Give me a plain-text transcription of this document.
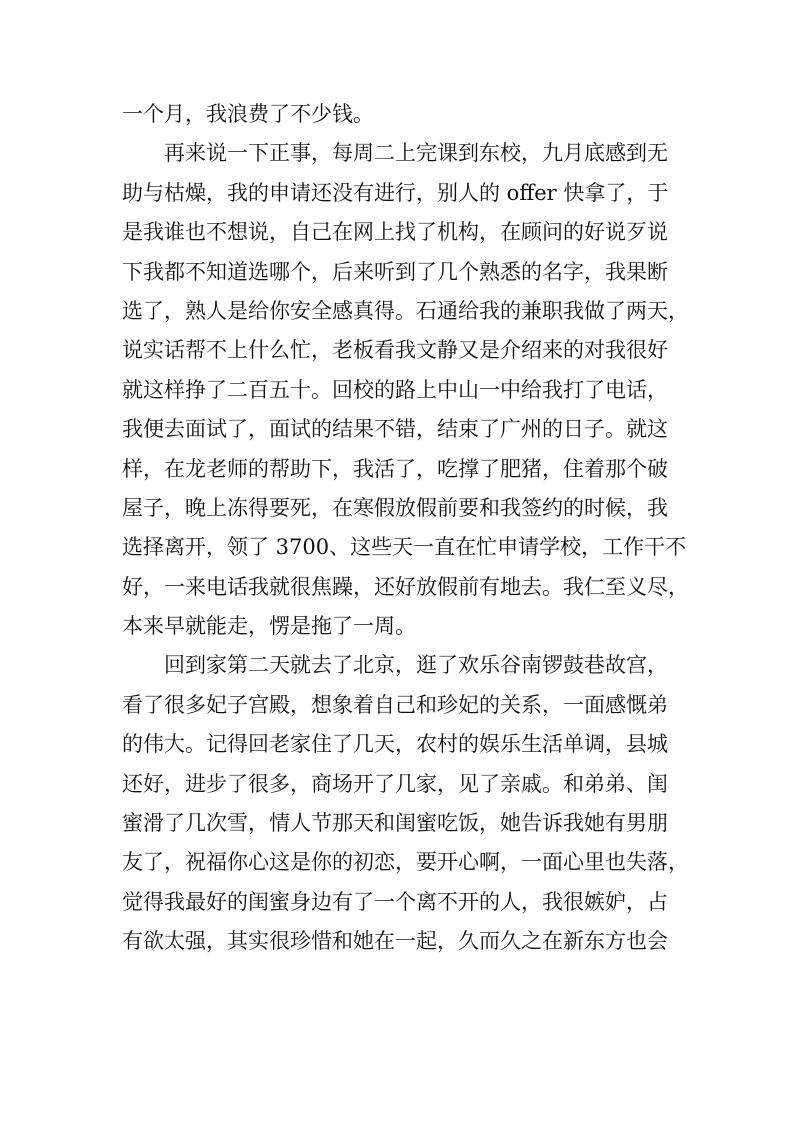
一个月，我浪费了不少钱。
再来说一下正事，每周二上完课到东校，九月底感到无
助与枯燥，我的申请还没有进行，别人的 offer 快拿了，于
是我谁也不想说，自己在网上找了机构，在顾问的好说歹说
下我都不知道选哪个，后来听到了几个熟悉的名字，我果断
选了，熟人是给你安全感真得。石通给我的兼职我做了两天，
说实话帮不上什么忙，老板看我文静又是介绍来的对我很好
就这样挣了二百五十。回校的路上中山一中给我打了电话，
我便去面试了，面试的结果不错，结束了广州的日子。就这
样，在龙老师的帮助下，我活了，吃撑了肥猪，住着那个破
屋子，晚上冻得要死，在寒假放假前要和我签约的时候，我
选择离开，领了 3700、这些天一直在忙申请学校，工作干不
好，一来电话我就很焦躁，还好放假前有地去。我仁至义尽，
本来早就能走，愣是拖了一周。
回到家第二天就去了北京，逛了欢乐谷南锣鼓巷故宫，
看了很多妃子宫殿，想象着自己和珍妃的关系，一面感慨弟
的伟大。记得回老家住了几天，农村的娱乐生活单调，县城
还好，进步了很多，商场开了几家，见了亲戚。和弟弟、闺
蜜滑了几次雪，情人节那天和闺蜜吃饭，她告诉我她有男朋
友了，祝福你心这是你的初恋，要开心啊，一面心里也失落，
觉得我最好的闺蜜身边有了一个离不开的人，我很嫉妒，占
有欲太强，其实很珍惜和她在一起，久而久之在新东方也会
